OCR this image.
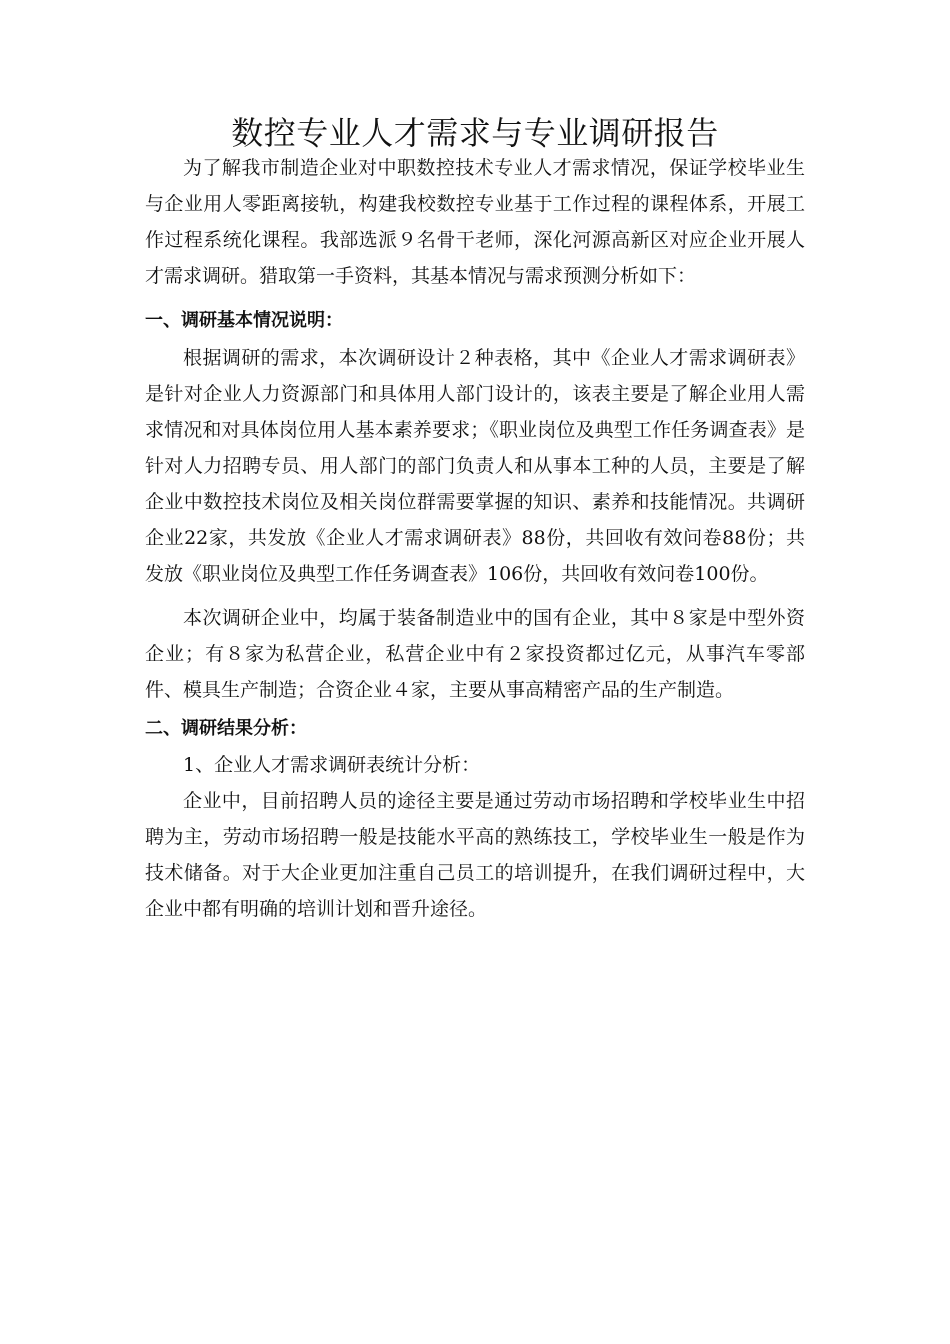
数控专业人才需求与专业调研报告

为了解我市制造企业对中职数控技术专业人才需求情况，保证学校毕业生与企业用人零距离接轨，构建我校数控专业基于工作过程的课程体系，开展工作过程系统化课程。我部选派９名骨干老师，深化河源高新区对应企业开展人才需求调研。猎取第一手资料，其基本情况与需求预测分析如下：

一、调研基本情况说明：

根据调研的需求，本次调研设计２种表格，其中《企业人才需求调研表》是针对企业人力资源部门和具体用人部门设计的，该表主要是了解企业用人需求情况和对具体岗位用人基本素养要求；《职业岗位及典型工作任务调查表》是针对人力招聘专员、用人部门的部门负责人和从事本工种的人员，主要是了解企业中数控技术岗位及相关岗位群需要掌握的知识、素养和技能情况。共调研企业22家，共发放《企业人才需求调研表》88份，共回收有效问卷88份；共发放《职业岗位及典型工作任务调查表》106份，共回收有效问卷100份。

本次调研企业中，均属于装备制造业中的国有企业，其中８家是中型外资企业；有８家为私营企业，私营企业中有２家投资都过亿元，从事汽车零部件、模具生产制造；合资企业４家，主要从事高精密产品的生产制造。

二、调研结果分析：

1、企业人才需求调研表统计分析：

企业中，目前招聘人员的途径主要是通过劳动市场招聘和学校毕业生中招聘为主，劳动市场招聘一般是技能水平高的熟练技工，学校毕业生一般是作为技术储备。对于大企业更加注重自己员工的培训提升，在我们调研过程中，大企业中都有明确的培训计划和晋升途径。
